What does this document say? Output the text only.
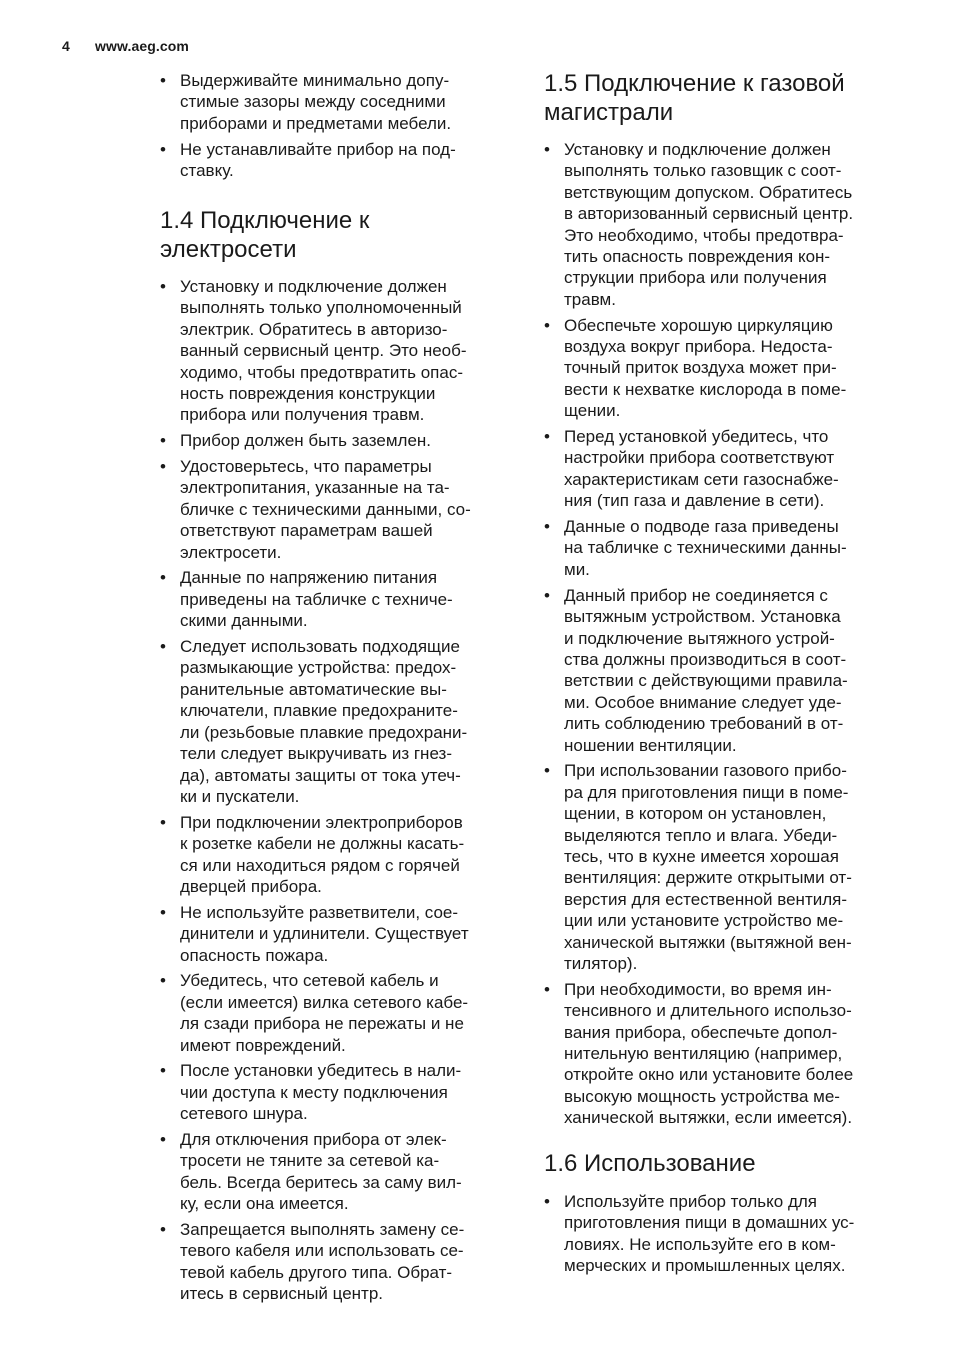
4 www.aeg.com
• Выдерживайте минимально допу-
стимые зазоры между соседними
приборами и предметами мебели.
• Не устанавливайте прибор на под-
ставку.
1.4 Подключение к
электросети
• Установку и подключение должен
выполнять только уполномоченный
электрик. Обратитесь в авторизо-
ванный сервисный центр. Это необ-
ходимо, чтобы предотвратить опас-
ность повреждения конструкции
прибора или получения травм.
• Прибор должен быть заземлен.
• Удостоверьтесь, что параметры
электропитания, указанные на та-
бличке с техническими данными, со-
ответствуют параметрам вашей
электросети.
• Данные по напряжению питания
приведены на табличке с техниче-
скими данными.
• Следует использовать подходящие
размыкающие устройства: предох-
ранительные автоматические вы-
ключатели, плавкие предохраните-
ли (резьбовые плавкие предохрани-
тели следует выкручивать из гнез-
да), автоматы защиты от тока утеч-
ки и пускатели.
• При подключении электроприборов
к розетке кабели не должны касать-
ся или находиться рядом с горячей
дверцей прибора.
• Не используйте разветвители, сое-
динители и удлинители. Существует
опасность пожара.
• Убедитесь, что сетевой кабель и
(если имеется) вилка сетевого кабе-
ля сзади прибора не пережаты и не
имеют повреждений.
• После установки убедитесь в нали-
чии доступа к месту подключения
сетевого шнура.
• Для отключения прибора от элек-
тросети не тяните за сетевой ка-
бель. Всегда беритесь за саму вил-
ку, если она имеется.
• Запрещается выполнять замену се-
тевого кабеля или использовать се-
тевой кабель другого типа. Обрат-
итесь в сервисный центр.
1.5 Подключение к газовой
магистрали
• Установку и подключение должен
выполнять только газовщик с соот-
ветствующим допуском. Обратитесь
в авторизованный сервисный центр.
Это необходимо, чтобы предотвра-
тить опасность повреждения кон-
струкции прибора или получения
травм.
• Обеспечьте хорошую циркуляцию
воздуха вокруг прибора. Недоста-
точный приток воздуха может при-
вести к нехватке кислорода в поме-
щении.
• Перед установкой убедитесь, что
настройки прибора соответствуют
характеристикам сети газоснабже-
ния (тип газа и давление в сети).
• Данные о подводе газа приведены
на табличке с техническими данны-
ми.
• Данный прибор не соединяется с
вытяжным устройством. Установка
и подключение вытяжного устрой-
ства должны производиться в соот-
ветствии с действующими правила-
ми. Особое внимание следует уде-
лить соблюдению требований в от-
ношении вентиляции.
• При использовании газового прибо-
ра для приготовления пищи в поме-
щении, в котором он установлен,
выделяются тепло и влага. Убеди-
тесь, что в кухне имеется хорошая
вентиляция: держите открытыми от-
верстия для естественной вентиля-
ции или установите устройство ме-
ханической вытяжки (вытяжной вен-
тилятор).
• При необходимости, во время ин-
тенсивного и длительного использо-
вания прибора, обеспечьте допол-
нительную вентиляцию (например,
откройте окно или установите более
высокую мощность устройства ме-
ханической вытяжки, если имеется).
1.6 Использование
• Используйте прибор только для
приготовления пищи в домашних ус-
ловиях. Не используйте его в ком-
мерческих и промышленных целях.
